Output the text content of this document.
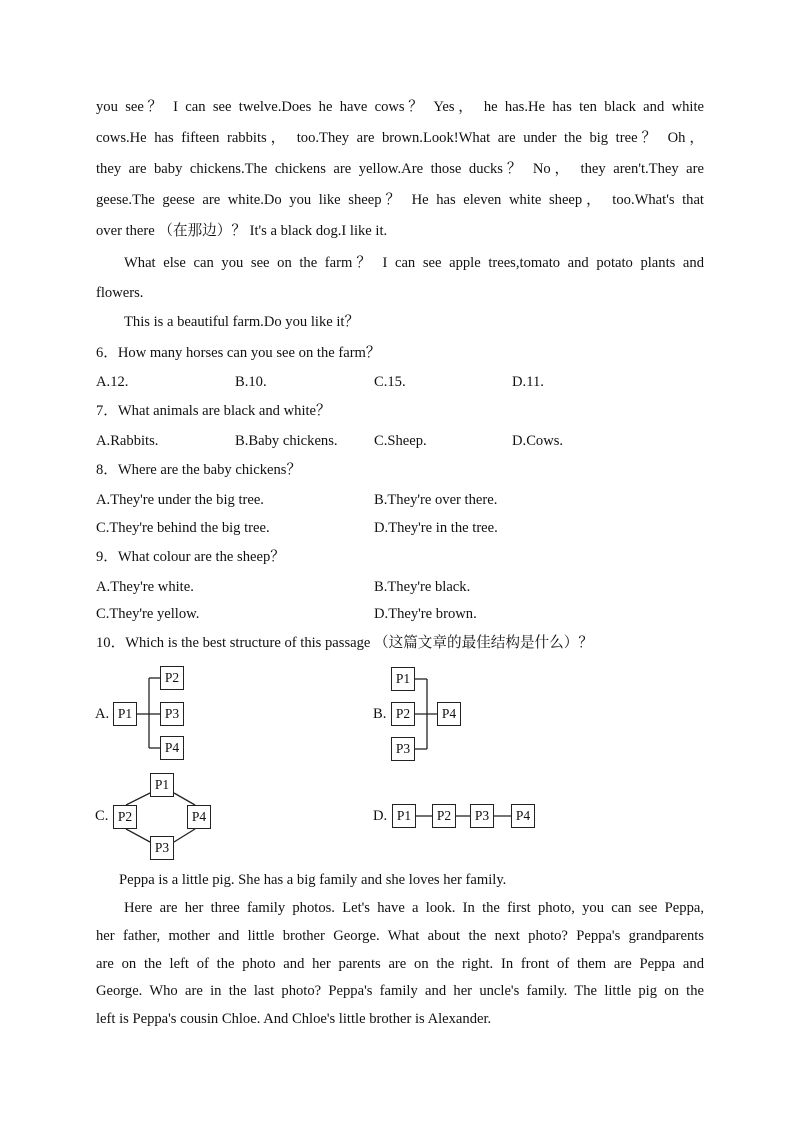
you see？ I can see twelve.Does he have cows？ Yes， he has.He has ten black and white
cows.He has fifteen rabbits， too.They are brown.Look!What are under the big tree？ Oh，
they are baby chickens.The chickens are yellow.Are those ducks？ No， they aren't.They are
geese.The geese are white.Do you like sheep？ He has eleven white sheep， too.What's that
over there （在那边）？ It's a black dog.I like it.
What else can you see on the farm？ I can see apple trees,tomato and potato plants and
flowers.
This is a beautiful farm.Do you like it？
6．How many horses can you see on the farm？
A.12.	B.10.	C.15.	D.11.
7．What animals are black and white？
A.Rabbits.	B.Baby chickens. C.Sheep.	D.Cows.
8．Where are the baby chickens？
A.They're under the big tree.	B.They're over there.
C.They're behind the big tree.	D.They're in the tree.
9．What colour are the sheep？
A.They're white.	B.They're black.
C.They're yellow.	D.They're brown.
10．Which is the best structure of this passage （这篇文章的最佳结构是什么）？
A.	B.
C.	D.
P1
P2
P3
P4
P1
P2
P3
P4
P1
P2
P3
P4	P1	P2	P3	P4
Peppa is a little pig. She has a big family and she loves her family.
Here are her three family photos. Let's have a look. In the first photo, you can see Peppa,
her father, mother and little brother George. What about the next photo? Peppa's grandparents
are on the left of the photo and her parents are on the right. In front of them are Peppa and
George. Who are in the last photo? Peppa's family and her uncle's family. The little pig on the
left is Peppa's cousin Chloe. And Chloe's little brother is Alexander.
